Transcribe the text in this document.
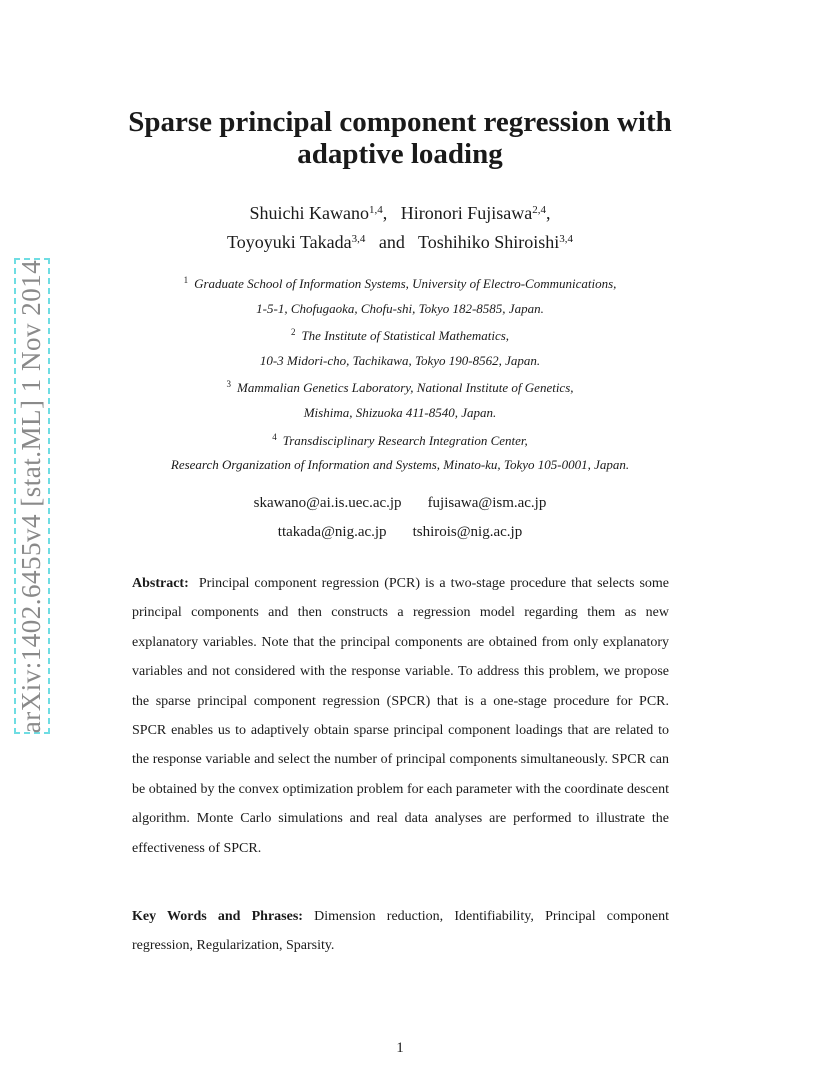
arXiv:1402.6455v4 [stat.ML] 1 Nov 2014
Sparse principal component regression with
adaptive loading
Shuichi Kawano$^{1,4}$, Hironori Fujisawa$^{2,4}$,
Toyoyuki Takada$^{3,4}$ and Toshihiko Shiroishi$^{3,4}$
$^1$ Graduate School of Information Systems, University of Electro-Communications,
1-5-1, Chofugaoka, Chofu-shi, Tokyo 182-8585, Japan.
$^2$ The Institute of Statistical Mathematics,
10-3 Midori-cho, Tachikawa, Tokyo 190-8562, Japan.
$^3$ Mammalian Genetics Laboratory, National Institute of Genetics,
Mishima, Shizuoka 411-8540, Japan.
$^4$ Transdisciplinary Research Integration Center,
Research Organization of Information and Systems, Minato-ku, Tokyo 105-0001, Japan.
skawano@ai.is.uec.ac.jp fujisawa@ism.ac.jp
ttakada@nig.ac.jp tshirois@nig.ac.jp

Abstract: Principal component regression (PCR) is a two-stage procedure that selects some principal components and then constructs a regression model regarding them as new explanatory variables. Note that the principal components are obtained from only explanatory variables and not considered with the response variable. To address this problem, we propose the sparse principal component regression (SPCR) that is a one-stage procedure for PCR. SPCR enables us to adaptively obtain sparse principal component loadings that are related to the response variable and select the number of principal components simultaneously. SPCR can be obtained by the convex optimization problem for each parameter with the coordinate descent algorithm. Monte Carlo simulations and real data analyses are performed to illustrate the effectiveness of SPCR.

Key Words and Phrases: Dimension reduction, Identifiability, Principal component regression, Regularization, Sparsity.

1
